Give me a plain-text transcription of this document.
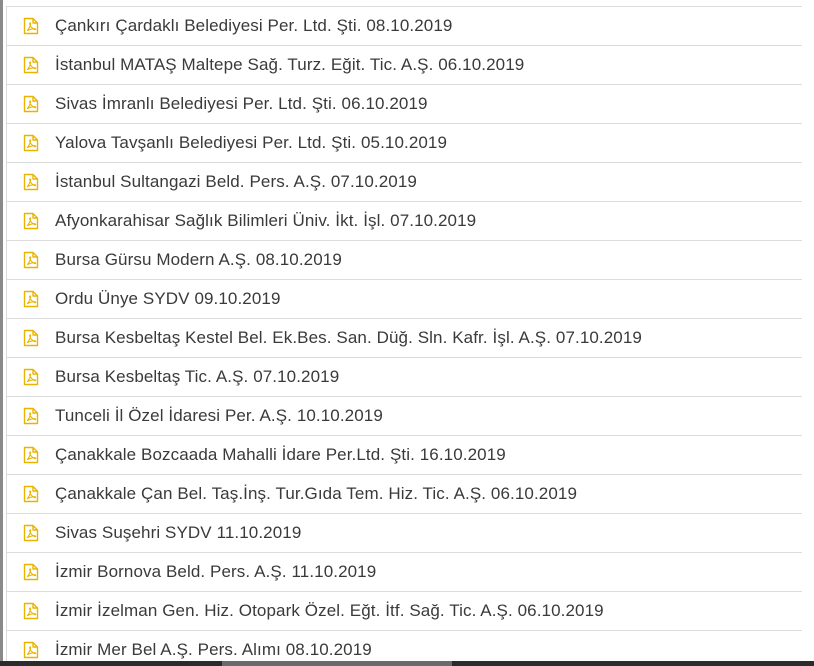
Çankırı Çardaklı Belediyesi Per. Ltd. Şti. 08.10.2019
İstanbul MATAŞ Maltepe Sağ. Turz. Eğit. Tic. A.Ş. 06.10.2019
Sivas İmranlı Belediyesi Per. Ltd. Şti. 06.10.2019
Yalova Tavşanlı Belediyesi Per. Ltd. Şti. 05.10.2019
İstanbul Sultangazi Beld. Pers. A.Ş. 07.10.2019
Afyonkarahisar Sağlık Bilimleri Üniv. İkt. İşl. 07.10.2019
Bursa Gürsu Modern A.Ş. 08.10.2019
Ordu Ünye SYDV 09.10.2019
Bursa Kesbeltaş Kestel Bel. Ek.Bes. San. Düğ. Sln. Kafr. İşl. A.Ş. 07.10.2019
Bursa Kesbeltaş Tic. A.Ş. 07.10.2019
Tunceli İl Özel İdaresi Per. A.Ş. 10.10.2019
Çanakkale Bozcaada Mahalli İdare Per.Ltd. Şti. 16.10.2019
Çanakkale Çan Bel. Taş.İnş. Tur.Gıda Tem. Hiz. Tic. A.Ş. 06.10.2019
Sivas Suşehri SYDV 11.10.2019
İzmir Bornova Beld. Pers. A.Ş. 11.10.2019
İzmir İzelman Gen. Hiz. Otopark Özel. Eğt. İtf. Sağ. Tic. A.Ş. 06.10.2019
İzmir Mer Bel A.Ş. Pers. Alımı 08.10.2019
